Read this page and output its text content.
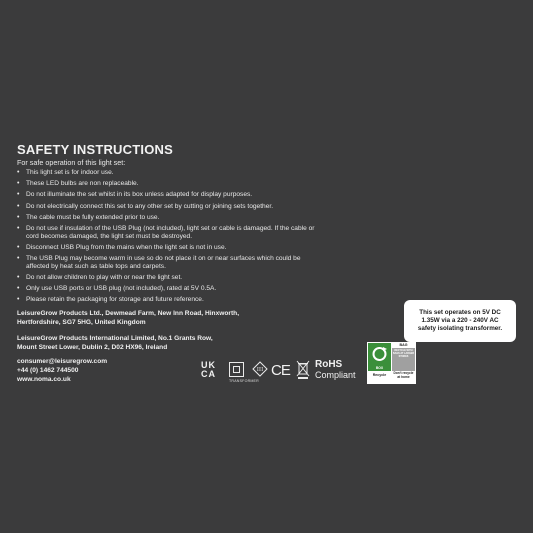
SAFETY INSTRUCTIONS
For safe operation of this light set:
• This light set is for indoor use.
• These LED bulbs are non replaceable.
• Do not illuminate the set whilst in its box unless adapted for display purposes.
• Do not electrically connect this set to any other set by cutting or joining sets together.
• The cable must be fully extended prior to use.
• Do not use if insulation of the USB Plug (not included), light set or cable is damaged. If the cable or cord becomes damaged, the light set must be destroyed.
• Disconnect USB Plug from the mains when the light set is not in use.
• The USB Plug may become warm in use so do not place it on or near surfaces which could be affected by heat such as table tops and carpets.
• Do not allow children to play with or near the light set.
• Only use USB ports or USB plug (not included), rated at 5V 0.5A.
• Please retain the packaging for storage and future reference.
LeisureGrow Products Ltd., Dewmead Farm, New Inn Road, Hinxworth,
Hertfordshire, SG7 5HG, United Kingdom
LeisureGrow Products International Limited, No.1 Grants Row,
Mount Street Lower, Dublin 2, D02 HX96, Ireland
consumer@leisuregrow.com
+44 (0) 1462 744500
www.noma.co.uk
This set operates on 5V DC
1.35W via a 220 - 240V AC
safety isolating transformer.
UK
CA
TRANSFORMER
III CE	RoHS
Compliant
BOX
BAG
RECYCLE WITH BAGS AT LARGER STORES
Recycle	Don't recycle at home
